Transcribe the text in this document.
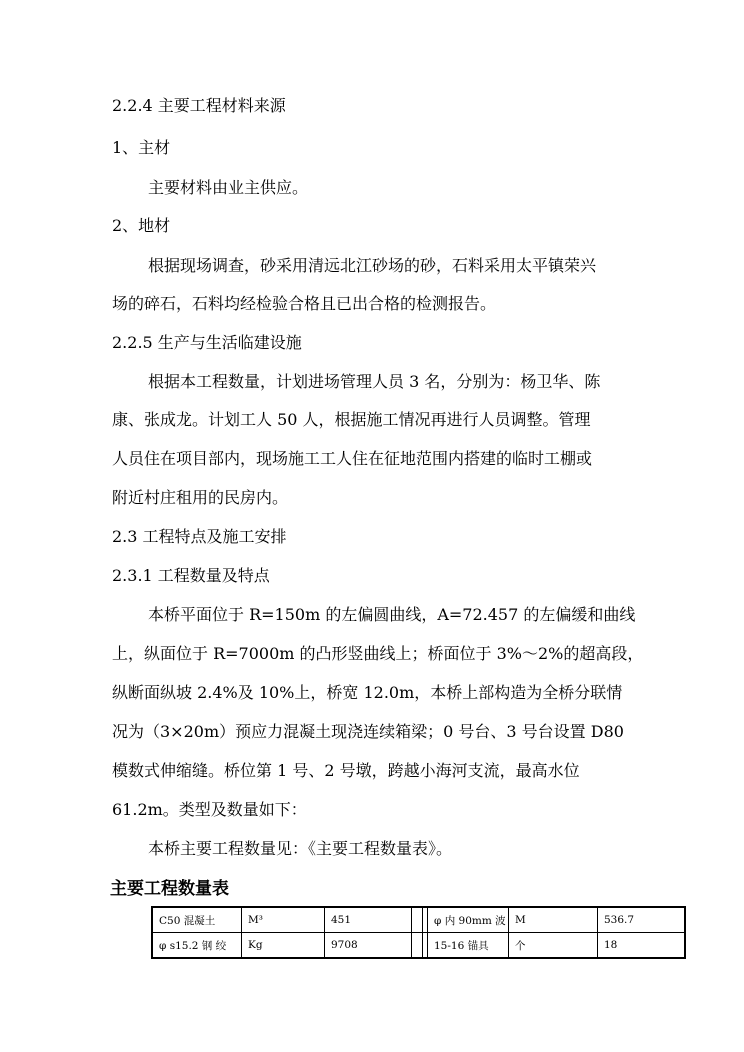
2.2.4 主要工程材料来源
1、主材
主要材料由业主供应。
2、地材
根据现场调查，砂采用清远北江砂场的砂，石料采用太平镇荣兴
场的碎石，石料均经检验合格且已出合格的检测报告。
2.2.5 生产与生活临建设施
根据本工程数量，计划进场管理人员 3 名，分别为：杨卫华、陈
康、张成龙。计划工人 50 人，根据施工情况再进行人员调整。管理
人员住在项目部内，现场施工工人住在征地范围内搭建的临时工棚或
附近村庄租用的民房内。
2.3 工程特点及施工安排
2.3.1 工程数量及特点
本桥平面位于 R=150m 的左偏圆曲线，A=72.457 的左偏缓和曲线
上，纵面位于 R=7000m 的凸形竖曲线上；桥面位于 3%～2%的超高段，
纵断面纵坡 2.4%及 10%上，桥宽 12.0m，本桥上部构造为全桥分联情
况为（3×20m）预应力混凝土现浇连续箱梁；0 号台、3 号台设置 D80
模数式伸缩缝。桥位第 1 号、2 号墩，跨越小海河支流，最高水位
61.2m。类型及数量如下：
本桥主要工程数量见：《主要工程数量表》。
主要工程数量表
C50 混凝土	M³	451			φ 内 90mm 波	M	536.7
φ s15.2 钢 绞	Kg	9708			15-16 锚具	个	18
